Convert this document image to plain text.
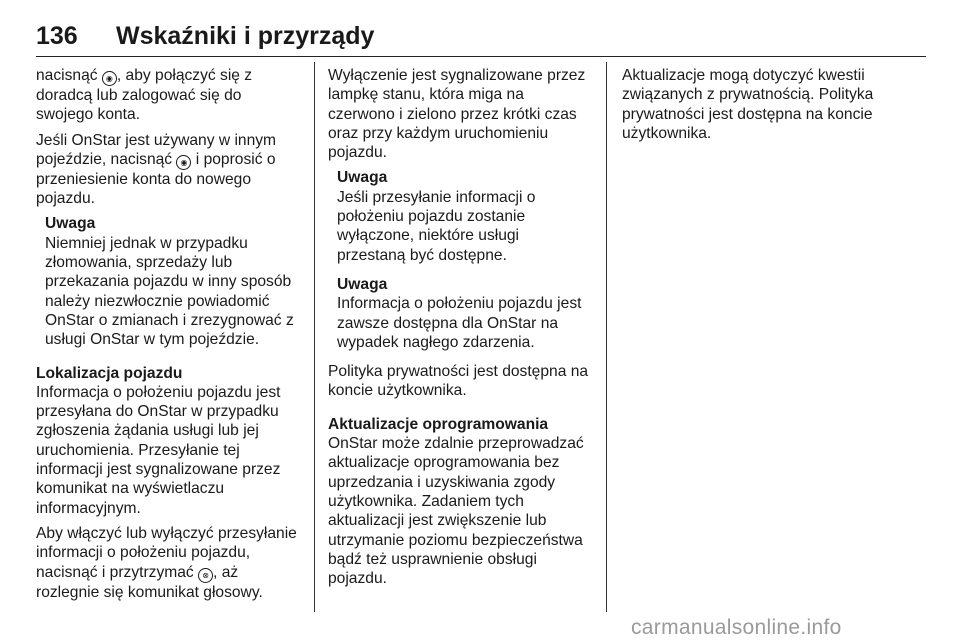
136 Wskaźniki i przyrządy

nacisnąć ◉ , aby połączyć się z
doradcą lub zalogować się do
swojego konta.

Jeśli OnStar jest używany w innym
pojeździe, nacisnąć ◉ i poprosić o
przeniesienie konta do nowego
pojazdu.

Uwaga
Niemniej jednak w przypadku
złomowania, sprzedaży lub
przekazania pojazdu w inny sposób
należy niezwłocznie powiadomić
OnStar o zmianach i zrezygnować z
usługi OnStar w tym pojeździe.
Lokalizacja pojazdu

Informacja o położeniu pojazdu jest
przesyłana do OnStar w przypadku
zgłoszenia żądania usługi lub jej
uruchomienia. Przesyłanie tej
informacji jest sygnalizowane przez
komunikat na wyświetlaczu
informacyjnym.

Aby włączyć lub wyłączyć przesyłanie
informacji o położeniu pojazdu,
nacisnąć i przytrzymać ⊗ , aż
rozlegnie się komunikat głosowy.

Wyłączenie jest sygnalizowane przez
lampkę stanu, która miga na
czerwono i zielono przez krótki czas
oraz przy każdym uruchomieniu
pojazdu.

Uwaga
Jeśli przesyłanie informacji o
położeniu pojazdu zostanie
wyłączone, niektóre usługi
przestaną być dostępne.
Uwaga
Informacja o położeniu pojazdu jest
zawsze dostępna dla OnStar na
wypadek nagłego zdarzenia.

Polityka prywatności jest dostępna na
koncie użytkownika.

Aktualizacje oprogramowania

OnStar może zdalnie przeprowadzać
aktualizacje oprogramowania bez
uprzedzania i uzyskiwania zgody
użytkownika. Zadaniem tych
aktualizacji jest zwiększenie lub
utrzymanie poziomu bezpieczeństwa
bądź też usprawnienie obsługi
pojazdu.

Aktualizacje mogą dotyczyć kwestii
związanych z prywatnością. Polityka
prywatności jest dostępna na koncie
użytkownika.

carmanualsonline.info
